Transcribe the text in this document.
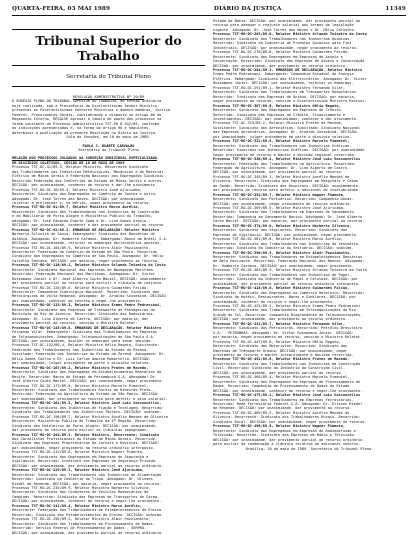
QUARTA-FEIRA, 03 MAI 1989	DIÁRIO DA JUSTIÇA	11349
Tribunal Superior do Trabalho
Secretaria do Tribunal Pleno
RESOLUÇÃO ADMINISTRATIVA Nº 20/89
O EGRÉGIO PLENO DO TRIBUNAL SUPERIOR DO TRABALHO, em sessão ordinária
hoje realizada, sob a Presidência do Excelentíssimo Senhor Ministro,
presentes os Excelentíssimos Senhores Ministros e demais membros, Justiça
Federal, Procuradores-Gerais, considerando o disposto no artigo 80 do
Regimento Interno, RESOLVE aprovar a tabela de pauta dos processos na
forma constante do Processo Administrativo TST-PA 8.342/89, conforme
as indicações apresentadas e, na forma do artigo 90 e seguintes,
determinar a publicação da presente Resolução no Diário da Justiça.
Sala de Sessões, em 10 de maio de 1989.
PAULO J. DUARTE CARVALHO
Secretário do Tribunal Pleno
RELAÇÃO DOS PROCESSOS JULGADOS NA SUBSEÇÃO INDIVIDUAL ESPECIALIZADA
EM DISSÍDIOS COLETIVOS, SESSÃO DE 10 DE MAIO DE 1989
Processo TST-DC-41/89.5, Relator Ministro, Recorrente Sindicato
dos Trabalhadores nas Indústrias Metalúrgicas, Mecânicas e de Material
Elétrico de Minas Gerais e Federação Nacional dos Empregados Sindicais
Recorrido Federação das Indústrias do Estado de Minas Gerais e outros
DECISÃO: por unanimidade, conhecer do recurso e dar-lhe provimento
Processo TST-RO-DC-18/89.4, Relator Ministro José Ajuricaba,
Recorrente: Sindicato dos Empregados no Comércio de Santos e outro,
Advogado: Dr. José Torres das Neves. DECISÃO: por unanimidade,
rejeitar a preliminar e, no mérito, negar provimento ao recurso.
Processo TST-RO-DC-81/89.7, Relator Ministro Marco Aurélio,
Recorrente: Sindicato dos Trabalhadores nas Indústrias da Construção
e do Mobiliário de Porto Alegre e Ministério Público do Trabalho,
Advogado: Dr. José Eduardo Duarte Saad e Dr. Lino Gomes Araújo.
DECISÃO: por unanimidade, conhecer e dar provimento parcial ao recurso
Processo TST-RO-DC-92/89.2. EMBARGOS DE DECLARAÇÃO: Relator Ministro
Norberto Silveira de Souza. Embargante: Sindicato dos Bancários de
Goiânia. Advogado: Dr. Humberto Cardoso. Embargado: Banco do Brasil S.A.
DECISÃO: por unanimidade, rejeitar os embargos declaratórios opostos.
Processo TST-RO-DC-104/89.9, Relator Ministro Almir Pazzianotto,
Recorrente: Federação do Comércio do Estado de São Paulo. Recorrido
Sindicato dos Empregados no Comércio de São Paulo. Advogado: Dr. Hélio
Carvalho Santana. DECISÃO: por maioria, negar provimento ao recurso.
Processo TST-RO-DC-118/89.1, Relator Ministro Orlando Teixeira da Costa
Recorrente: Sindicato Nacional das Empresas de Navegação Marítima.
Recorrido: Federação Nacional dos Marítimos. Advogados: Dr. Victor
Russomano Júnior e Dr. José Alberto Couto Maciel. DECISÃO: unanimemente
dar provimento parcial ao recurso para excluir a cláusula de reajuste.
Processo TST-RO-DC-126/89.6. Relator Ministro Guimarães Falcão.
Recorrente: Companhia Siderúrgica Nacional. Recorrido: Sindicato dos
Metalúrgicos de Volta Redonda. Advogado: Dr. Arnaldo Sussekind. DECISÃO
por unanimidade, conhecer do recurso e negar-lhe provimento.
Processo TST-RO-DC-133/89.3, Relator Ministro Ermes Pedro Pedrassani,
Recorrente: Sindicato das Empresas de Transporte de Passageiros do
Município do Rio de Janeiro. Recorrido: Sindicato dos Rodoviários.
Advogado: Dr. Lino Alberto de Castro. DECISÃO: por maioria, dar
provimento parcial ao recurso, vencido o Ministro Relator.
Processo TST-RO-DC-145/89.8. EMBARGOS DE DECLARAÇÃO. Relator Ministro
Fernando Vilar. Embargante: Sindicato dos Trabalhadores em Empresas
de Telecomunicações. Embargado: Telecomunicações de São Paulo S.A.
DECISÃO: por unanimidade, acolher os embargos para sanar omissão.
Processo TST-DC-152/89.4, Relator Ministro Hélio Regato, Suscitante:
Federação dos Trabalhadores nas Indústrias do Estado do Paraná.
Suscitado: Federação das Indústrias do Estado do Paraná. Advogados: Dr.
Hélio Gomes Coelho e Dr. Luiz Carlos Amorim Robortella. DECISÃO:
por unanimidade, julgar procedente em parte o dissídio coletivo.
Processo TST-RO-DC-167/89.2, Relator Ministro Prates de Macedo,
Recorrente: Sindicato dos Empregados em Estabelecimentos Bancários de
Recife. Recorrido: Banco do Estado de Pernambuco S.A. Advogado: Dr.
José Alberto Couto Maciel. DECISÃO: por unanimidade, negar provimento.
Processo TST-RO-DC-173/89.0, Relator Ministro Marcelo Pimentel,
Recorrente: Sindicato dos Trabalhadores Rurais de Ribeirão Preto.
Recorrido: Federação da Agricultura do Estado de São Paulo. DECISÃO:
por unanimidade, dar provimento ao recurso para deferir o piso salarial.
Processo TST-RO-DC-181/89.5, Relator Ministro José Luiz Vasconcellos,
Recorrente: Sindicato das Indústrias de Fiação e Tecelagem. Recorrido:
Sindicato dos Trabalhadores nas Indústrias Têxteis. DECISÃO: unânime.
Processo TST-RO-DC-196/89.7, Relator Ministro Aurélio Mendes de Oliveira
Recorrente: Ministério Público do Trabalho da 4ª Região. Recorrido:
Sindicato dos Hoteleiros de Porto Alegre. DECISÃO: por unanimidade,
dar provimento ao recurso para excluir as cláusulas impugnadas.
Processo TST-RO-DC-204/89.1. Relator Ministro, Recorrente: Sindicato
dos Jornalistas Profissionais do Estado de Minas Gerais. Recorrido
Sindicato das Empresas Proprietárias de Jornais e Revistas. DECISÃO:
por unanimidade, negar provimento ao recurso ordinário interposto.
Processo TST-RO-DC-212/89.6, Relator Ministro Wagner Pimenta,
Recorrente: Sindicato dos Empregados em Empresas de Segurança e
Vigilância. Recorrido: Sindicato das Empresas de Segurança Privada.
DECISÃO: por unanimidade, dar provimento parcial ao recurso ordinário.
Processo TST-RO-DC-229/89.3, Relator Ministro José Ajuricaba,
Recorrente: Sindicato dos Trabalhadores nas Indústrias de Alimentação
Recorrido: Sindicato da Indústria do Trigo. Advogado: Dr. Ulisses
Riedel de Resende. DECISÃO: por maioria, negar provimento ao recurso.
Processo TST-RO-DC-235/89.9, Relator Ministro Norberto Silveira,
Recorrente: Sindicato dos Condutores de Veículos Rodoviários de
Campinas. Recorrido: Sindicato das Empresas de Transportes de Carga.
DECISÃO: por unanimidade, conhecer do recurso e negar-lhe provimento.
Processo TST-RO-DC-241/89.4, Relator Ministro Marco Aurélio,
Recorrente: Federação dos Trabalhadores em Estabelecimentos de Ensino
Recorrido: Sindicato dos Estabelecimentos de Ensino. DECISÃO: unânime.
Processo TST-RO-DC-256/89.2, Relator Ministro Almir Pazzianotto,
Recorrente: Sindicato dos Trabalhadores em Processamento de Dados.
Recorrido: Serviço Federal de Processamento de Dados - SERPRO.
DECISÃO: por unanimidade, dar provimento parcial ao recurso ordinário.
Estado da Bahia. DECISÃO: por unanimidade, dar provimento parcial ao
recurso para adequar o reajuste salarial aos termos da legislação
vigente. Advogado: Dr. José Torres das Neves e Dr. Hélio Carvalho.
Processo TST-RO-DC-263/89.0, Relator Ministro Orlando Teixeira da Costa
Recorrente: Sindicato dos Trabalhadores nas Indústrias Químicas.
Recorrido: Sindicato da Indústria de Produtos Químicos para Fins
Industriais. DECISÃO: por unanimidade, negar provimento ao recurso.
Processo TST-RO-DC-278/89.8, Relator Ministro Guimarães Falcão,
Recorrente: Sindicato dos Empregados em Empresas de Asseio e
Conservação. Recorrido: Sindicato das Empresas de Asseio e Conservação
DECISÃO: por unanimidade, dar provimento ao recurso ordinário.
Processo TST-RO-DC-284/89.3. EMBARGOS DE DECLARAÇÃO. Relator Ministro
Ermes Pedro Pedrassani. Embargante: Companhia Estadual de Energia
Elétrica. Embargado: Sindicato dos Eletricitários. Advogado: Dr. Victor
Russomano Júnior. DECISÃO: por unanimidade, rejeitar os embargos.
Processo TST-RO-DC-291/89.1, Relator Ministro Fernando Vilar,
Recorrente: Sindicato dos Trabalhadores em Transportes Rodoviários.
Recorrido: Sindicato das Empresas de Ônibus. DECISÃO: por maioria,
negar provimento ao recurso, vencido o Excelentíssimo Ministro Revisor.
Processo TST-RO-DC-307/89.6, Relator Ministro Hélio Regato,
Recorrente: Sindicato dos Empregados em Empresas de Crédito.
Recorrido: Sindicato das Empresas de Crédito, Financiamento e
Investimentos. DECISÃO: por unanimidade, conhecer e dar provimento.
Processo TST-DC-315/89.2, Relator Ministro Prates de Macedo,
Suscitante: Sindicato dos Aeroviários. Suscitado: Sindicato Nacional
das Empresas Aeroviárias. Advogado: Dr. Arnaldo Sussekind. DECISÃO:
por unanimidade, julgar procedente em parte o dissídio coletivo.
Processo TST-RO-DC-322/89.9, Relator Ministro Marcelo Pimentel,
Recorrente: Sindicato dos Trabalhadores nas Indústrias Gráficas.
Recorrido: Sindicato das Indústrias Gráficas. DECISÃO: por unanimidade
negar provimento ao recurso e manter a decisão regional recorrida.
Processo TST-RO-DC-338/89.4, Relator Ministro José Luiz Vasconcellos
Recorrente: Federação dos Trabalhadores na Agricultura. Recorrido:
Federação da Agricultura. Advogado: Dr. Lino Alberto de Castro.
DECISÃO: por unanimidade, dar provimento parcial ao recurso.
Processo TST-RO-DC-345/89.1, Relator Ministro Aurélio Mendes de
Oliveira. Recorrente: Sindicato dos Empregados em Hospitais e Casas
de Saúde. Recorrido: Sindicato dos Hospitais. DECISÃO: unanimemente,
dar provimento ao recurso para deferir o adicional de insalubridade.
Processo TST-RO-DC-352/89.7, Relator Ministro Wagner Pimenta,
Recorrente: Sindicato dos Portuários. Recorrido: Companhia Docas.
DECISÃO: por unanimidade, negar provimento ao recurso ordinário.
Processo TST-RO-DC-369/89.5, Relator Ministro José Ajuricaba,
Recorrente: Sindicato dos Trabalhadores em Empresas de Saneamento.
Recorrido: Companhia de Saneamento Básico. Advogado: Dr. José Alberto
Couto Maciel. DECISÃO: por maioria, dar provimento parcial ao recurso.
Processo TST-RO-DC-374/89.0, Relator Ministro Norberto Silveira,
Recorrente: Sindicato dos Vigilantes. Recorrido: Sindicato das
Empresas de Vigilância. DECISÃO: por unanimidade, negar provimento.
Processo TST-RO-DC-381/89.8, Relator Ministro Marco Aurélio,
Recorrente: Sindicato dos Trabalhadores nas Indústrias do Vestuário.
Recorrido: Sindicato da Indústria do Vestuário. DECISÃO: unânime.
Processo TST-RO-DC-396/89.3, Relator Ministro Almir Pazzianotto,
Recorrente: Sindicato dos Trabalhadores em Estabelecimentos Bancários
de Belo Horizonte. Recorrido: Federação Nacional dos Bancos. Advogado:
Dr. Humberto Cardoso. DECISÃO: por unanimidade, negar provimento.
Processo TST-RO-DC-403/89.9, Relator Ministro Orlando Teixeira da Costa
Recorrente: Sindicato dos Trabalhadores nas Indústrias de Papel.
Recorrido: Sindicato da Indústria de Papel e Celulose. DECISÃO: por
unanimidade, dar provimento parcial ao recurso ordinário interposto.
Processo TST-RO-DC-418/89.6, Relator Ministro Guimarães Falcão,
Recorrente: Sindicato dos Empregados no Comércio Hoteleiro. Recorrido:
Sindicato de Hotéis, Restaurantes, Bares e Similares. DECISÃO: por
unanimidade, conhecer do recurso e negar-lhe provimento.
Processo TST-RO-DC-425/89.2, Relator Ministro Ermes Pedro Pedrassani
Recorrente: Sindicato dos Trabalhadores em Telecomunicações do Rio
Grande do Sul. Recorrido: Companhia Riograndense de Telecomunicações.
DECISÃO: por unanimidade, dar provimento ao recurso ordinário.
Processo TST-RO-DC-431/89.7, Relator Ministro Fernando Vilar,
Recorrente: Sindicato dos Petroleiros. Recorrido: Petróleo Brasileiro
S.A. - PETROBRÁS. Advogado: Dr. Victor Russomano Júnior. DECISÃO:
por maioria, negar provimento ao recurso, vencido o Ministro Relator.
Processo TST-RO-DC-447/89.0, Relator Ministro Hélio Regato,
Recorrente: Sindicato dos Motoristas. Recorrido: Sindicato das
Empresas de Transporte Urbano. DECISÃO: por unanimidade, negar
provimento ao recurso e manter integralmente a decisão recorrida.
Processo TST-RO-DC-452/89.6, Relator Ministro Prates de Macedo,
Recorrente: Sindicato dos Trabalhadores nas Indústrias da Construção
Civil. Recorrido: Sindicato da Indústria da Construção Civil.
DECISÃO: por unanimidade, dar provimento parcial ao recurso.
Processo TST-RO-DC-468/89.4, Relator Ministro Marcelo Pimentel,
Recorrente: Sindicato dos Empregados em Empresas de Processamento de
Dados. Recorrido: Companhia de Processamento de Dados do Estado.
DECISÃO: por unanimidade, conhecer do recurso e negar-lhe provimento.
Processo TST-RO-DC-475/89.1, Relator Ministro José Luiz Vasconcellos
Recorrente: Sindicato dos Trabalhadores em Empresas Ferroviárias.
Recorrido: Rede Ferroviária Federal S.A. Advogado: Dr. Ulisses Riedel
de Resende. DECISÃO: por unanimidade, dar provimento ao recurso.
Processo TST-RO-DC-489/89.5, Relator Ministro Aurélio Mendes de
Oliveira. Recorrente: Sindicato dos Trabalhadores Rurais. Recorrido:
Sindicato Rural. DECISÃO: por unanimidade, negar provimento ao recurso.
Processo TST-RO-DC-496/89.9, Relator Ministro Wagner Pimenta,
Recorrente: Sindicato dos Empregados em Empresas de Radiodifusão e
Televisão. Recorrido: Sindicato das Empresas de Rádio e Televisão.
DECISÃO: por unanimidade, dar provimento parcial ao recurso ordinário
para excluir da condenação a cláusula relativa ao adicional noturno.
Brasília, 10 de maio de 1989. Secretário do Tribunal Pleno.
